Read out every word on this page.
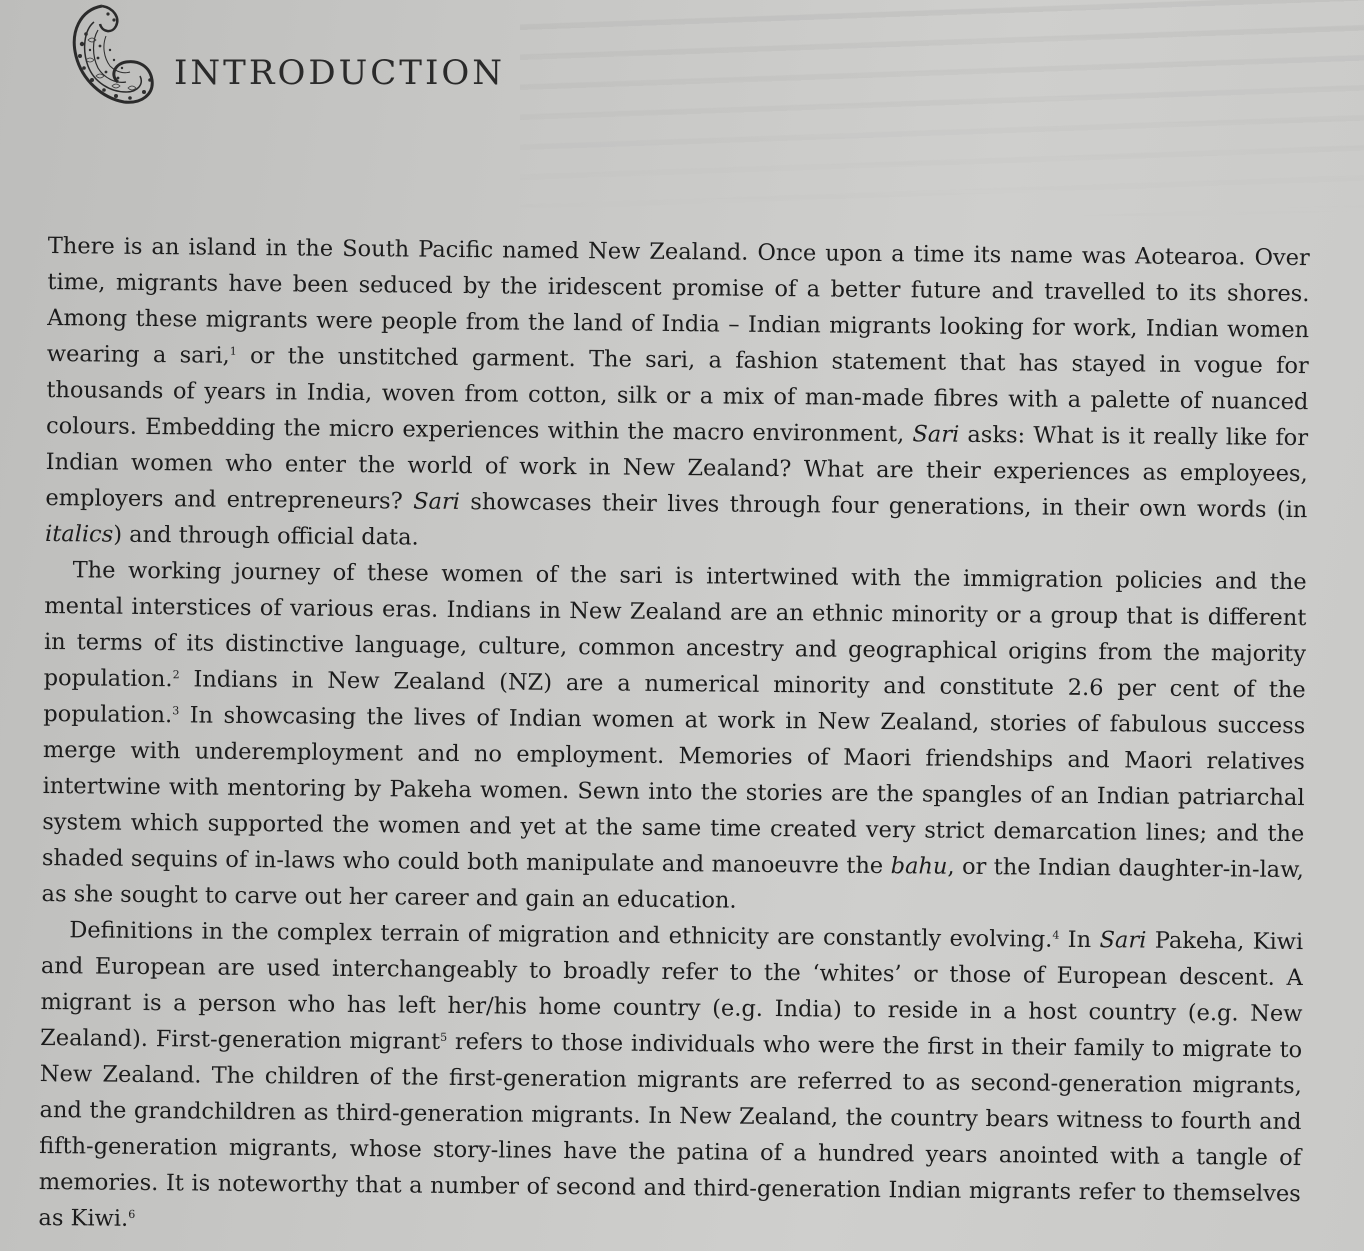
INTRODUCTION

There is an island in the South Pacific named New Zealand. Once upon a time its name was Aotearoa. Over time, migrants have been seduced by the iridescent promise of a better future and travelled to its shores. Among these migrants were people from the land of India – Indian migrants looking for work, Indian women wearing a sari,$^1$ or the unstitched garment. The sari, a fashion statement that has stayed in vogue for thousands of years in India, woven from cotton, silk or a mix of man-made fibres with a palette of nuanced colours. Embedding the micro experiences within the macro environment, Sari asks: What is it really like for Indian women who enter the world of work in New Zealand? What are their experiences as employees, employers and entrepreneurs? Sari showcases their lives through four generations, in their own words (in italics) and through official data.

The working journey of these women of the sari is intertwined with the immigration policies and the mental interstices of various eras. Indians in New Zealand are an ethnic minority or a group that is different in terms of its distinctive language, culture, common ancestry and geographical origins from the majority population.$^2$ Indians in New Zealand (NZ) are a numerical minority and constitute 2.6 per cent of the population.$^3$ In showcasing the lives of Indian women at work in New Zealand, stories of fabulous success merge with underemployment and no employment. Memories of Maori friendships and Maori relatives intertwine with mentoring by Pakeha women. Sewn into the stories are the spangles of an Indian patriarchal system which supported the women and yet at the same time created very strict demarcation lines; and the shaded sequins of in-laws who could both manipulate and manoeuvre the bahu, or the Indian daughter-in-law, as she sought to carve out her career and gain an education.

Definitions in the complex terrain of migration and ethnicity are constantly evolving.$^4$ In Sari Pakeha, Kiwi and European are used interchangeably to broadly refer to the ‘whites’ or those of European descent. A migrant is a person who has left her/his home country (e.g. India) to reside in a host country (e.g. New Zealand). First-generation migrant$^5$ refers to those individuals who were the first in their family to migrate to New Zealand. The children of the first-generation migrants are referred to as second-generation migrants, and the grandchildren as third-generation migrants. In New Zealand, the country bears witness to fourth and fifth-generation migrants, whose story-lines have the patina of a hundred years anointed with a tangle of memories. It is noteworthy that a number of second and third-generation Indian migrants refer to themselves as Kiwi.$^6$
